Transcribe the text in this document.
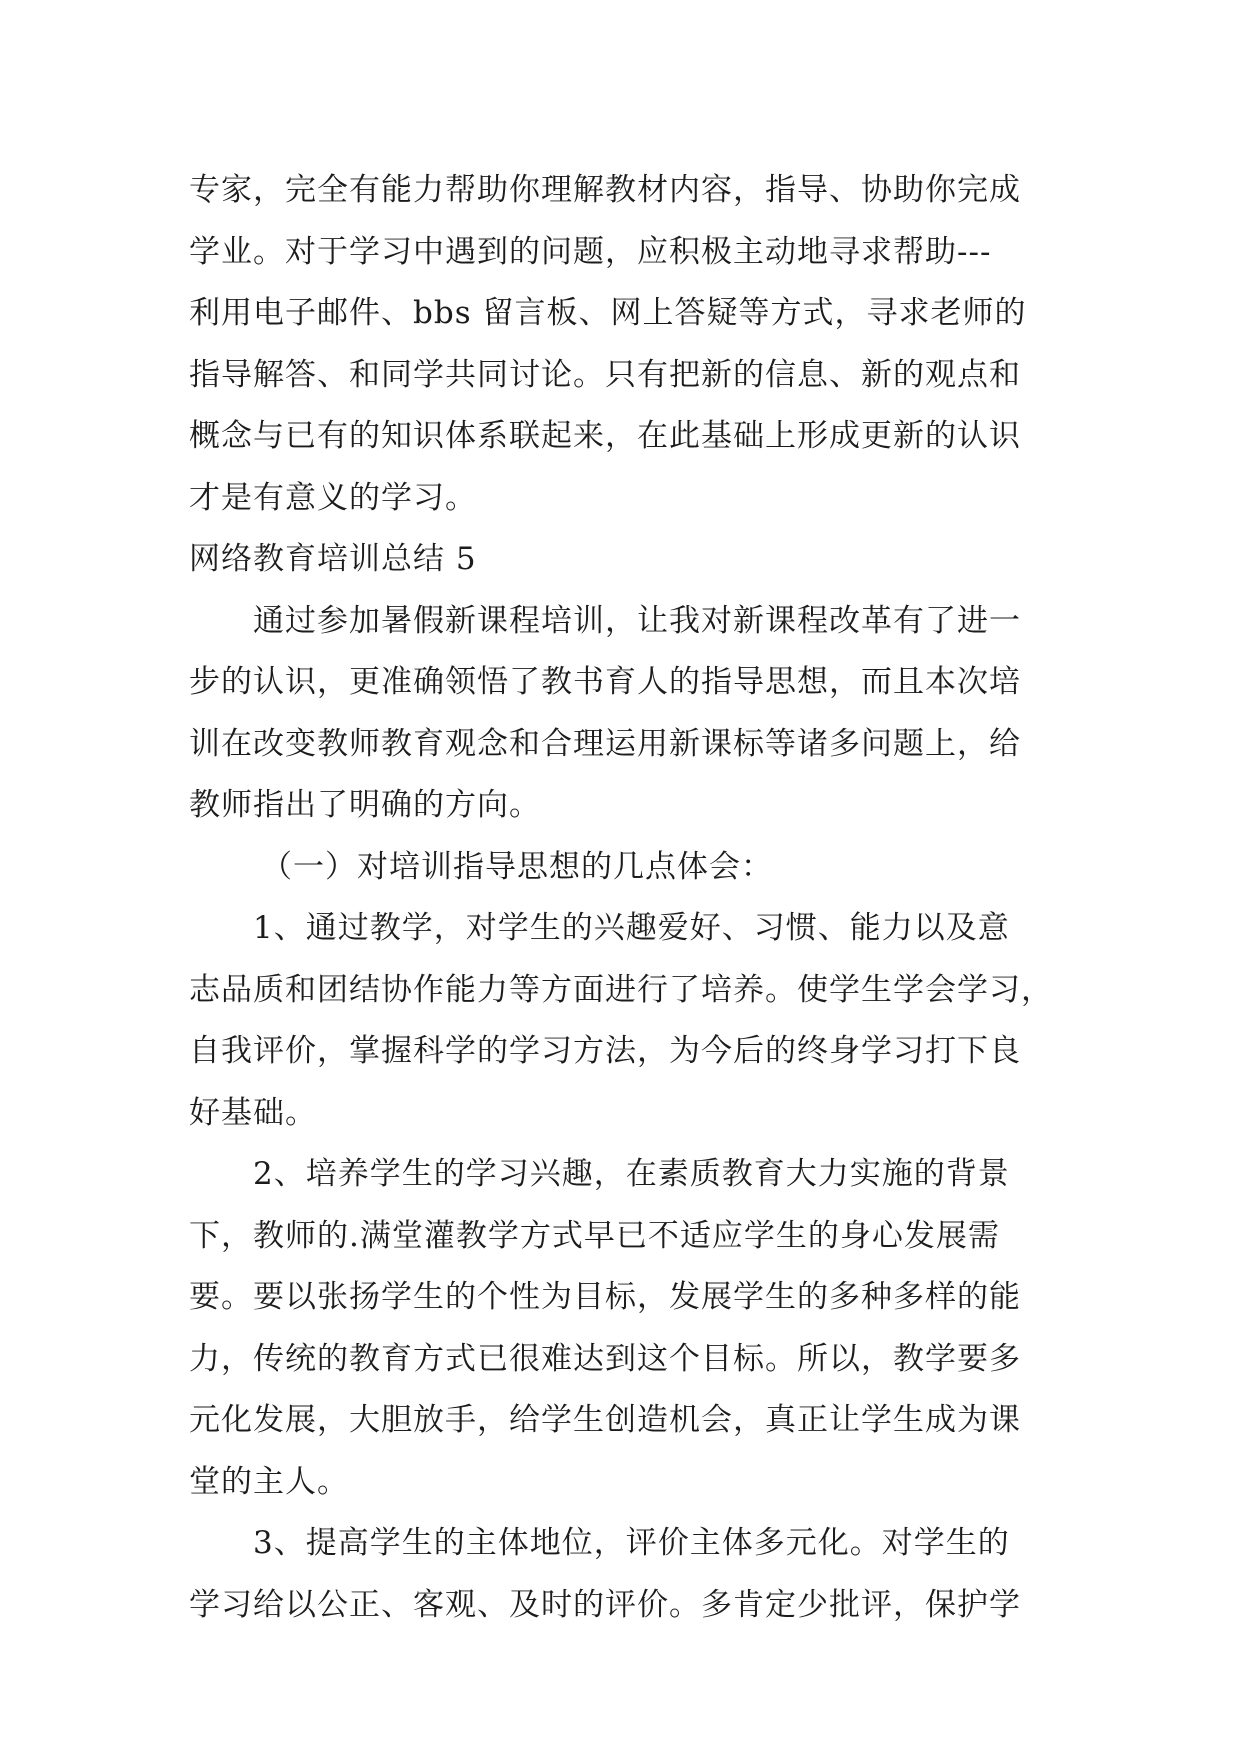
专家，完全有能力帮助你理解教材内容，指导、协助你完成
学业。对于学习中遇到的问题，应积极主动地寻求帮助---
利用电子邮件、bbs 留言板、网上答疑等方式，寻求老师的
指导解答、和同学共同讨论。只有把新的信息、新的观点和
概念与已有的知识体系联起来，在此基础上形成更新的认识
才是有意义的学习。
网络教育培训总结 5
通过参加暑假新课程培训，让我对新课程改革有了进一
步的认识，更准确领悟了教书育人的指导思想，而且本次培
训在改变教师教育观念和合理运用新课标等诸多问题上，给
教师指出了明确的方向。
（一）对培训指导思想的几点体会：
1、通过教学，对学生的兴趣爱好、习惯、能力以及意
志品质和团结协作能力等方面进行了培养。使学生学会学习，
自我评价，掌握科学的学习方法，为今后的终身学习打下良
好基础。
2、培养学生的学习兴趣，在素质教育大力实施的背景
下，教师的.满堂灌教学方式早已不适应学生的身心发展需
要。要以张扬学生的个性为目标，发展学生的多种多样的能
力，传统的教育方式已很难达到这个目标。所以，教学要多
元化发展，大胆放手，给学生创造机会，真正让学生成为课
堂的主人。
3、提高学生的主体地位，评价主体多元化。对学生的
学习给以公正、客观、及时的评价。多肯定少批评，保护学
